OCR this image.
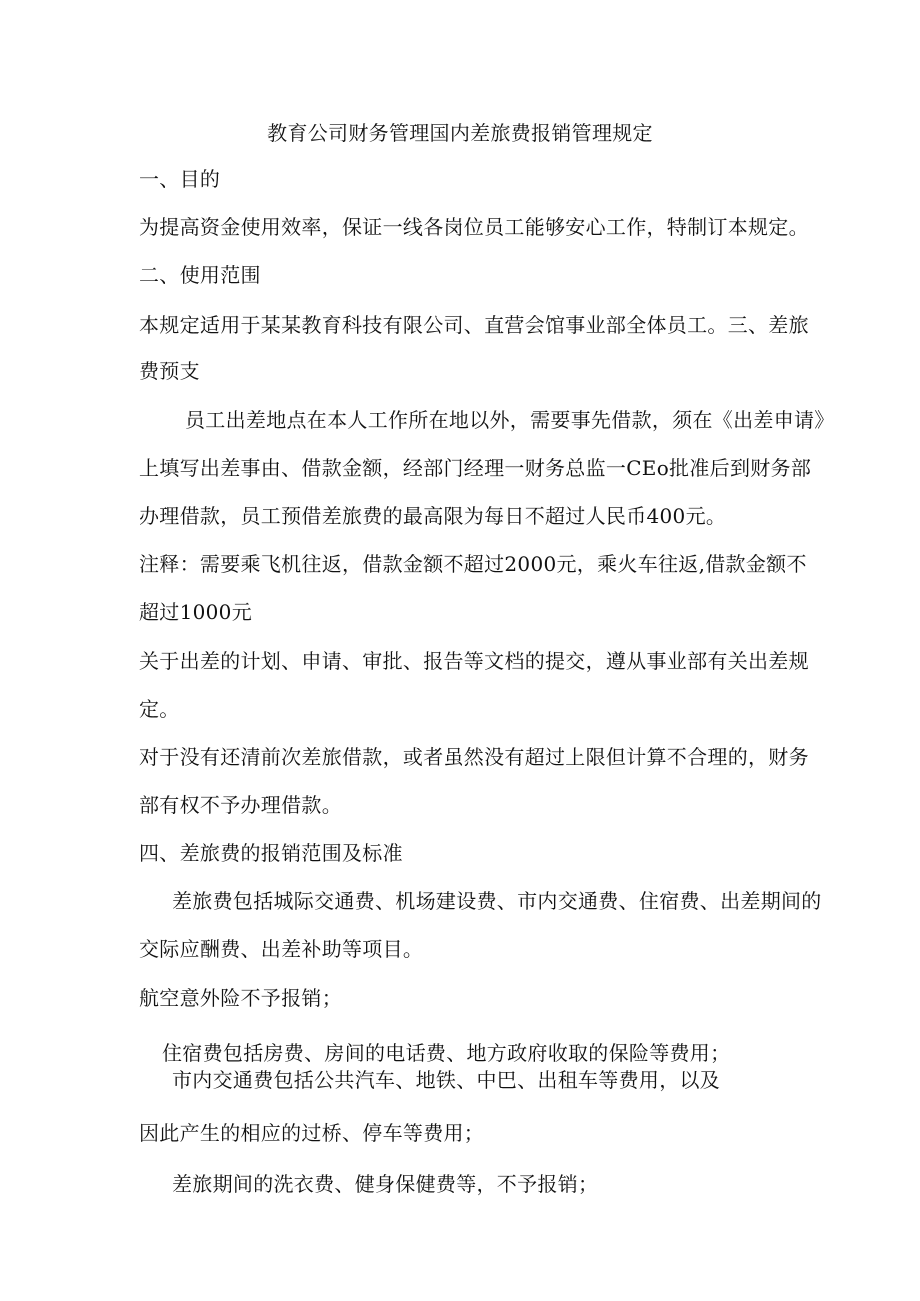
教育公司财务管理国内差旅费报销管理规定
一、目的
为提高资金使用效率，保证一线各岗位员工能够安心工作，特制订本规定。
二、使用范围
本规定适用于某某教育科技有限公司、直营会馆事业部全体员工。三、差旅
费预支
员工出差地点在本人工作所在地以外，需要事先借款，须在《出差申请》
上填写出差事由、借款金额，经部门经理一财务总监一CEo批准后到财务部
办理借款，员工预借差旅费的最高限为每日不超过人民币400元。
注释：需要乘飞机往返，借款金额不超过2000元，乘火车往返,借款金额不
超过1000元
关于出差的计划、申请、审批、报告等文档的提交，遵从事业部有关出差规
定。
对于没有还清前次差旅借款，或者虽然没有超过上限但计算不合理的，财务
部有权不予办理借款。
四、差旅费的报销范围及标准
差旅费包括城际交通费、机场建设费、市内交通费、住宿费、出差期间的
交际应酬费、出差补助等项目。
航空意外险不予报销；
住宿费包括房费、房间的电话费、地方政府收取的保险等费用；
市内交通费包括公共汽车、地铁、中巴、出租车等费用，以及
因此产生的相应的过桥、停车等费用；
差旅期间的洗衣费、健身保健费等，不予报销；
